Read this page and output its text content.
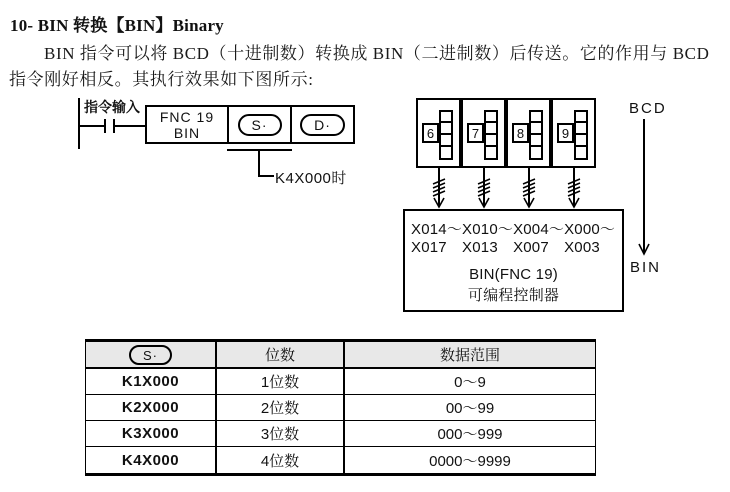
10- BIN 转换【BIN】Binary
BIN 指令可以将 BCD（十进制数）转换成 BIN（二进制数）后传送。它的作用与 BCD
指令刚好相反。其执行效果如下图所示:
指令输入
FNC 19
BIN	S·	D·
K4X000时
6	7	8	9
X014～X010～X004～X000～
X017　X013　X007　X003
BIN(FNC 19)
可编程控制器
BCD
BIN
S·	位数	数据范围
K1X000	1位数	0～9
K2X000	2位数	00～99
K3X000	3位数	000～999
K4X000	4位数	0000～9999
